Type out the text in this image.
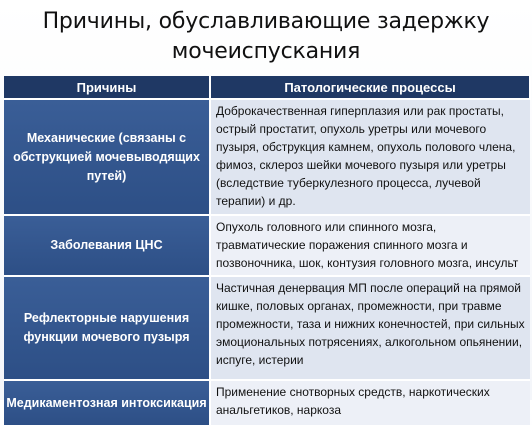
Причины, обуславливающие задержку
мочеиспускания
Причины	Патологические процессы
Механические (связаны с обструкцией мочевыводящих путей)	Доброкачественная гиперплазия или рак простаты, острый простатит, опухоль уретры или мочевого пузыря, обструкция камнем, опухоль полового члена, фимоз, склероз шейки мочевого пузыря или уретры (вследствие туберкулезного процесса, лучевой терапии) и др.
Заболевания ЦНС	Опухоль головного или спинного мозга, травматические поражения спинного мозга и позвоночника, шок, контузия головного мозга, инсульт
Рефлекторные нарушения функции мочевого пузыря	Частичная денервация МП после операций на прямой кишке, половых органах, промежности, при травме промежности, таза и нижних конечностей, при сильных эмоциональных потрясениях, алкогольном опьянении, испуге, истерии
Медикаментозная интоксикация	Применение снотворных средств, наркотических анальгетиков, наркоза
